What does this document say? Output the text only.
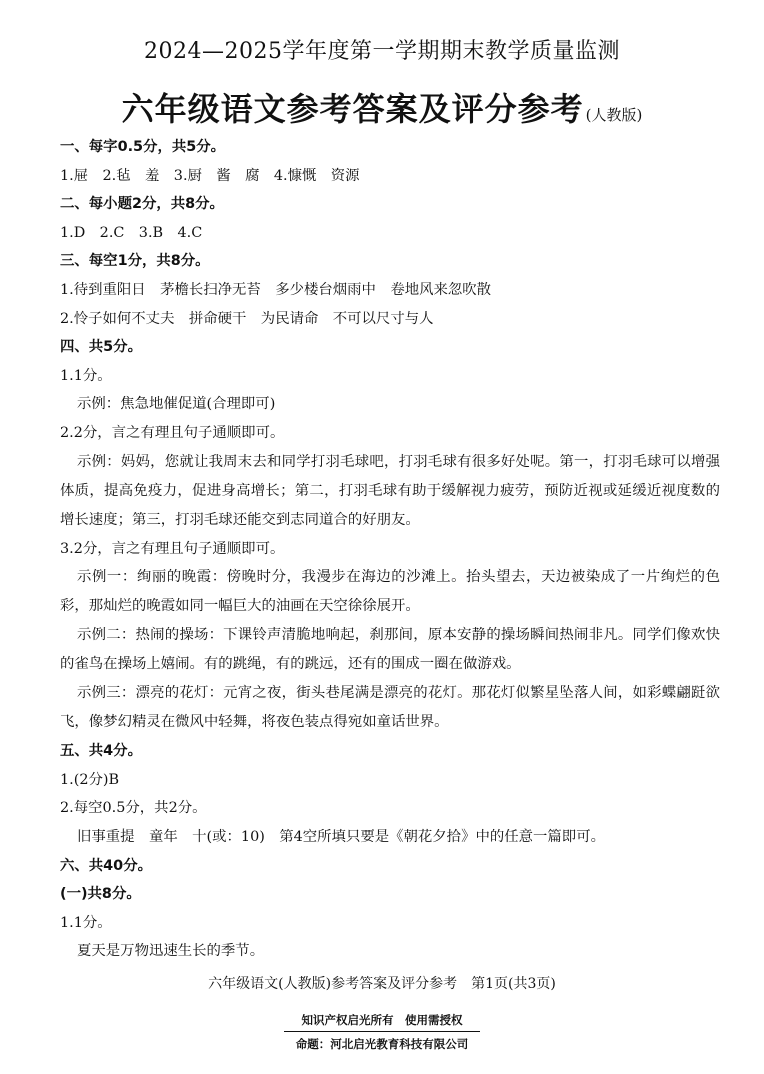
2024—2025学年度第一学期期末教学质量监测
六年级语文参考答案及评分参考 (人教版)
一、每字0.5分，共5分。
1.屉　2.毡　羞　3.厨　酱　腐　4.慷慨　资源
二、每小题2分，共8分。
1.D　2.C　3.B　4.C
三、每空1分，共8分。
1.待到重阳日　茅檐长扫净无苔　多少楼台烟雨中　卷地风来忽吹散
2.怜子如何不丈夫　拼命硬干　为民请命　不可以尺寸与人
四、共5分。
1.1分。
示例：焦急地催促道(合理即可)
2.2分，言之有理且句子通顺即可。
示例：妈妈，您就让我周末去和同学打羽毛球吧，打羽毛球有很多好处呢。第一，打羽毛球可以增强体质，提高免疫力，促进身高增长；第二，打羽毛球有助于缓解视力疲劳，预防近视或延缓近视度数的增长速度；第三，打羽毛球还能交到志同道合的好朋友。
3.2分，言之有理且句子通顺即可。
示例一：绚丽的晚霞：傍晚时分，我漫步在海边的沙滩上。抬头望去，天边被染成了一片绚烂的色彩，那灿烂的晚霞如同一幅巨大的油画在天空徐徐展开。
示例二：热闹的操场：下课铃声清脆地响起，刹那间，原本安静的操场瞬间热闹非凡。同学们像欢快的雀鸟在操场上嬉闹。有的跳绳，有的跳远，还有的围成一圈在做游戏。
示例三：漂亮的花灯：元宵之夜，街头巷尾满是漂亮的花灯。那花灯似繁星坠落人间，如彩蝶翩跹欲飞，像梦幻精灵在微风中轻舞，将夜色装点得宛如童话世界。
五、共4分。
1.(2分)B
2.每空0.5分，共2分。
旧事重提　童年　十(或：10)　第4空所填只要是《朝花夕拾》中的任意一篇即可。
六、共40分。
(一)共8分。
1.1分。
夏天是万物迅速生长的季节。
六年级语文(人教版)参考答案及评分参考　第1页(共3页)
知识产权启光所有　使用需授权
命题：河北启光教育科技有限公司
